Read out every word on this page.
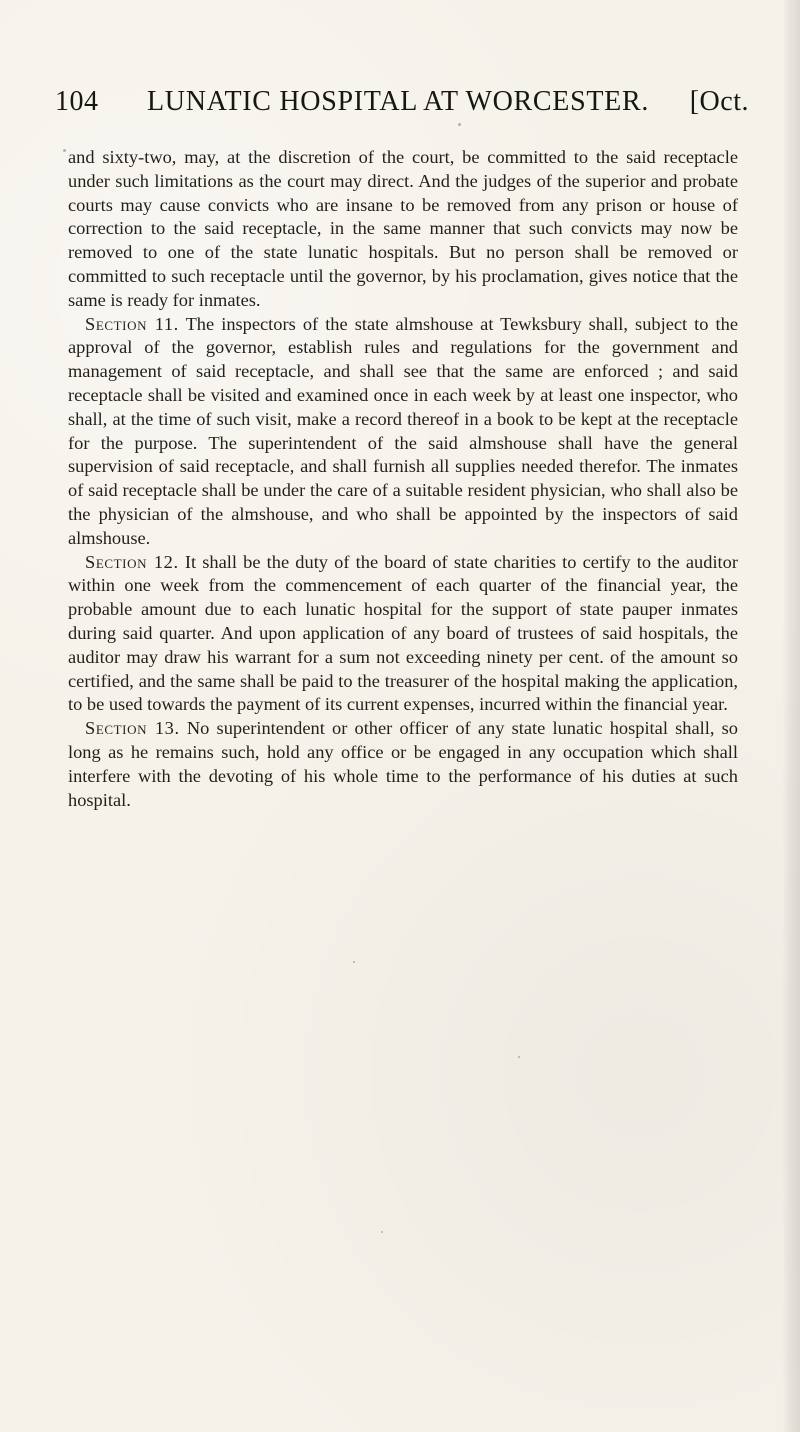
104 LUNATIC HOSPITAL AT WORCESTER. [Oct.

and sixty-two, may, at the discretion of the court, be committed to the said receptacle under such limitations as the court may direct. And the judges of the superior and probate courts may cause convicts who are insane to be removed from any prison or house of correction to the said receptacle, in the same manner that such convicts may now be removed to one of the state lunatic hospitals. But no person shall be removed or committed to such receptacle until the governor, by his proclamation, gives notice that the same is ready for inmates.

Section 11. The inspectors of the state almshouse at Tewksbury shall, subject to the approval of the governor, establish rules and regulations for the government and management of said receptacle, and shall see that the same are enforced ; and said receptacle shall be visited and examined once in each week by at least one inspector, who shall, at the time of such visit, make a record thereof in a book to be kept at the receptacle for the purpose. The superintendent of the said almshouse shall have the general supervision of said receptacle, and shall furnish all supplies needed therefor. The inmates of said receptacle shall be under the care of a suitable resident physician, who shall also be the physician of the almshouse, and who shall be appointed by the inspectors of said almshouse.

Section 12. It shall be the duty of the board of state charities to certify to the auditor within one week from the commencement of each quarter of the financial year, the probable amount due to each lunatic hospital for the support of state pauper inmates during said quarter. And upon application of any board of trustees of said hospitals, the auditor may draw his warrant for a sum not exceeding ninety per cent. of the amount so certified, and the same shall be paid to the treasurer of the hospital making the application, to be used towards the payment of its current expenses, incurred within the financial year.

Section 13. No superintendent or other officer of any state lunatic hospital shall, so long as he remains such, hold any office or be engaged in any occupation which shall interfere with the devoting of his whole time to the performance of his duties at such hospital.
